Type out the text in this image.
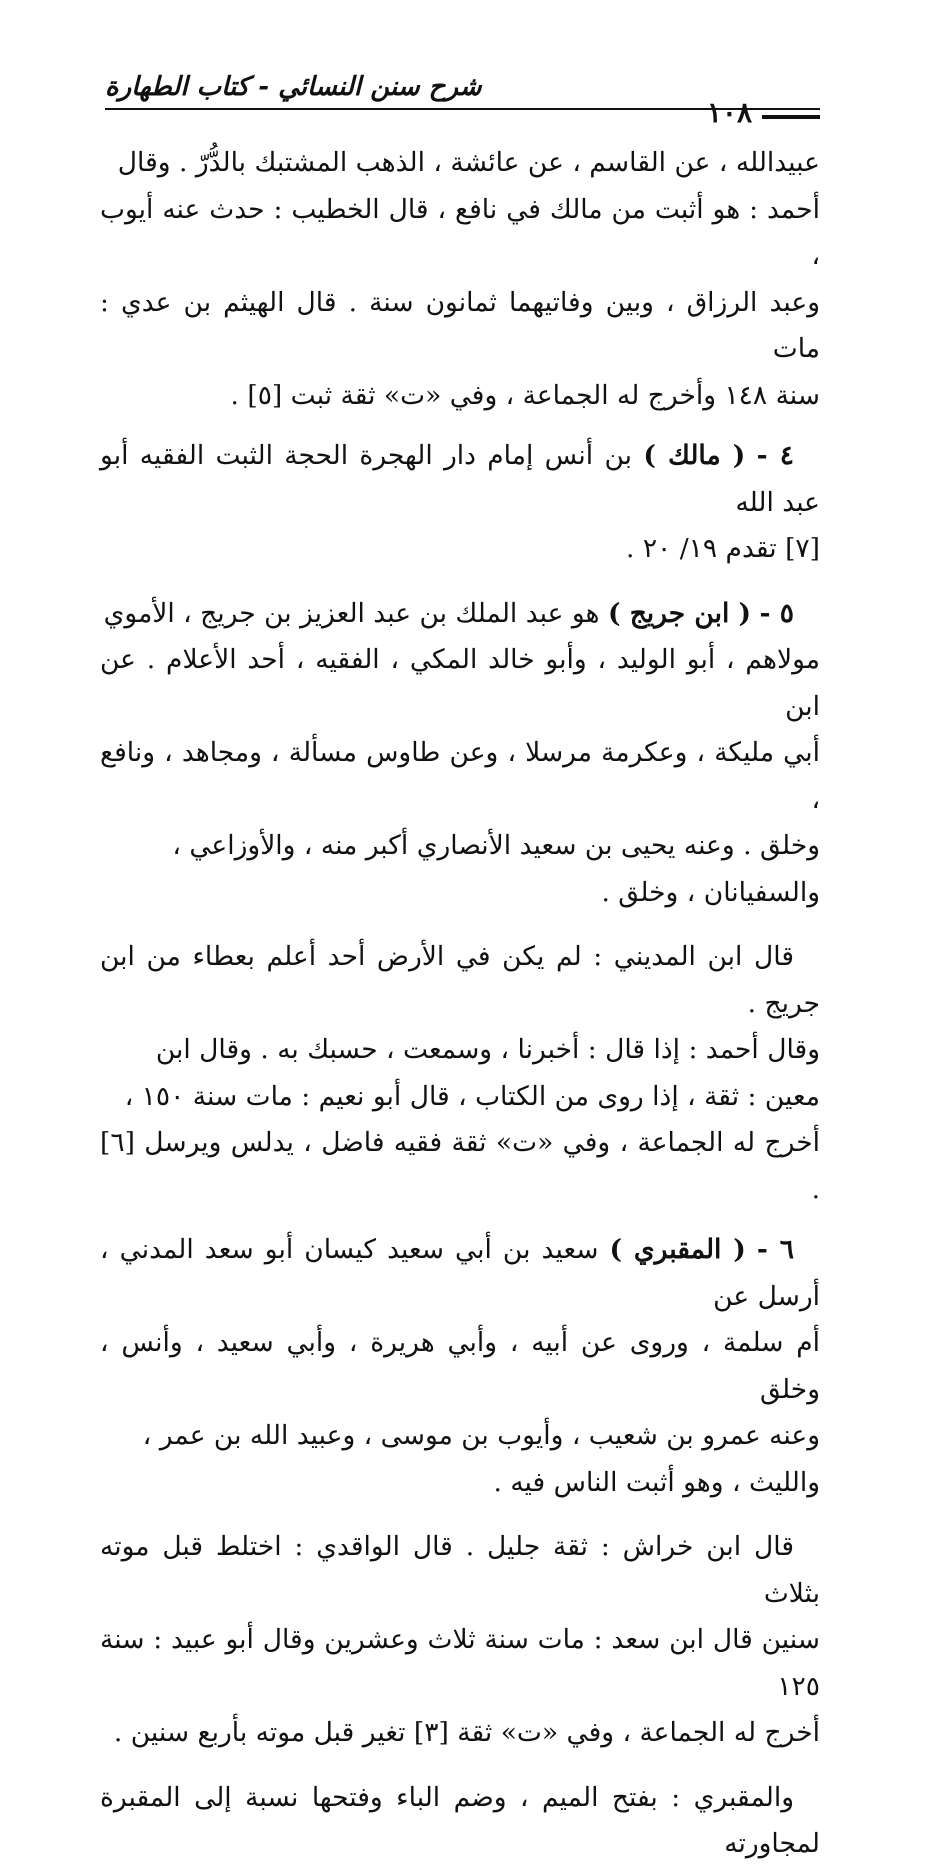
شرح سنن النسائي - كتاب الطهارة
١٠٨

عبيدالله ، عن القاسم ، عن عائشة ، الذهب المشتبك بالدُّرّ . وقال
أحمد : هو أثبت من مالك في نافع ، قال الخطيب : حدث عنه أيوب ،
وعبد الرزاق ، وبين وفاتيهما ثمانون سنة . قال الهيثم بن عدي : مات
سنة ١٤٨ وأخرج له الجماعة ، وفي «ت» ثقة ثبت [٥] .

٤ - ( مالك ) بن أنس إمام دار الهجرة الحجة الثبت الفقيه أبو عبد الله
[٧] تقدم ١٩/ ٢٠ .

٥ - ( ابن جريج ) هو عبد الملك بن عبد العزيز بن جريج ، الأموي
مولاهم ، أبو الوليد ، وأبو خالد المكي ، الفقيه ، أحد الأعلام . عن ابن
أبي مليكة ، وعكرمة مرسلا ، وعن طاوس مسألة ، ومجاهد ، ونافع ،
وخلق . وعنه يحيى بن سعيد الأنصاري أكبر منه ، والأوزاعي ،
والسفيانان ، وخلق .

قال ابن المديني : لم يكن في الأرض أحد أعلم بعطاء من ابن جريج .
وقال أحمد : إذا قال : أخبرنا ، وسمعت ، حسبك به . وقال ابن
معين : ثقة ، إذا روى من الكتاب ، قال أبو نعيم : مات سنة ١٥٠ ،
أخرج له الجماعة ، وفي «ت» ثقة فقيه فاضل ، يدلس ويرسل [٦] .

٦ - ( المقبري ) سعيد بن أبي سعيد كيسان أبو سعد المدني ، أرسل عن
أم سلمة ، وروى عن أبيه ، وأبي هريرة ، وأبي سعيد ، وأنس ، وخلق
وعنه عمرو بن شعيب ، وأيوب بن موسى ، وعبيد الله بن عمر ،
والليث ، وهو أثبت الناس فيه .

قال ابن خراش : ثقة جليل . قال الواقدي : اختلط قبل موته بثلاث
سنين قال ابن سعد : مات سنة ثلاث وعشرين وقال أبو عبيد : سنة ١٢٥
أخرج له الجماعة ، وفي «ت» ثقة [٣] تغير قبل موته بأربع سنين .

والمقبري : بفتح الميم ، وضم الباء وفتحها نسبة إلى المقبرة لمجاورته
